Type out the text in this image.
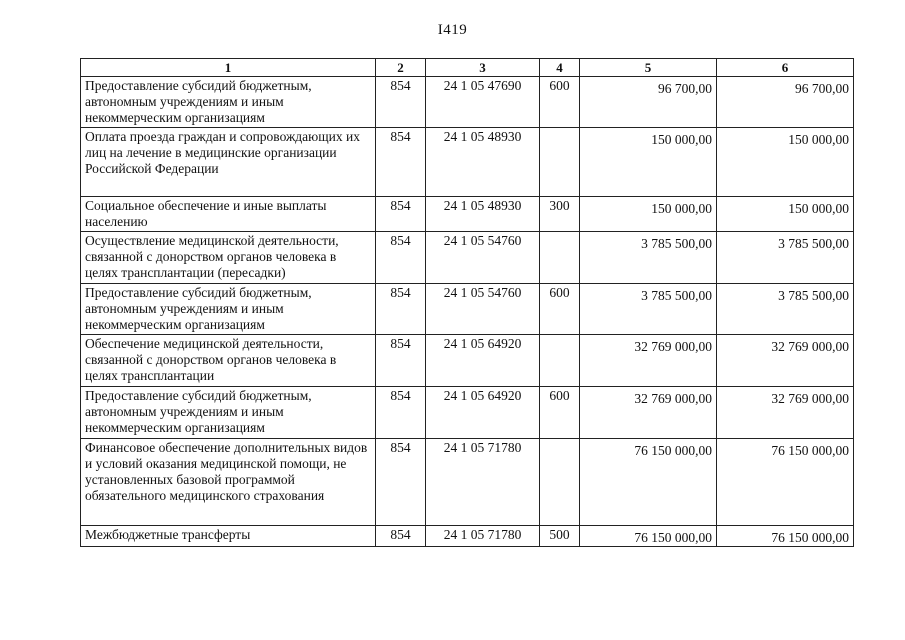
I419
1	2	3	4	5	6
Предоставление субсидий бюджетным, автономным учреждениям и иным некоммерческим организациям	854	24 1 05 47690	600	96 700,00	96 700,00

Оплата проезда граждан и сопровождающих их лиц на лечение в медицинские организации Российской Федерации	854	24 1 05 48930		150 000,00	150 000,00

Социальное обеспечение и иные выплаты населению	854	24 1 05 48930	300	150 000,00	150 000,00

Осуществление медицинской деятельности, связанной с донорством органов человека в целях трансплантации (пересадки)	854	24 1 05 54760		3 785 500,00	3 785 500,00

Предоставление субсидий бюджетным, автономным учреждениям и иным некоммерческим организациям	854	24 1 05 54760	600	3 785 500,00	3 785 500,00

Обеспечение медицинской деятельности, связанной с донорством органов человека в целях трансплантации	854	24 1 05 64920		32 769 000,00	32 769 000,00

Предоставление субсидий бюджетным, автономным учреждениям и иным некоммерческим организациям	854	24 1 05 64920	600	32 769 000,00	32 769 000,00

Финансовое обеспечение дополнительных видов и условий оказания медицинской помощи, не установленных базовой программой обязательного медицинского страхования	854	24 1 05 71780		76 150 000,00	76 150 000,00

Межбюджетные трансферты	854	24 1 05 71780	500	76 150 000,00	76 150 000,00
